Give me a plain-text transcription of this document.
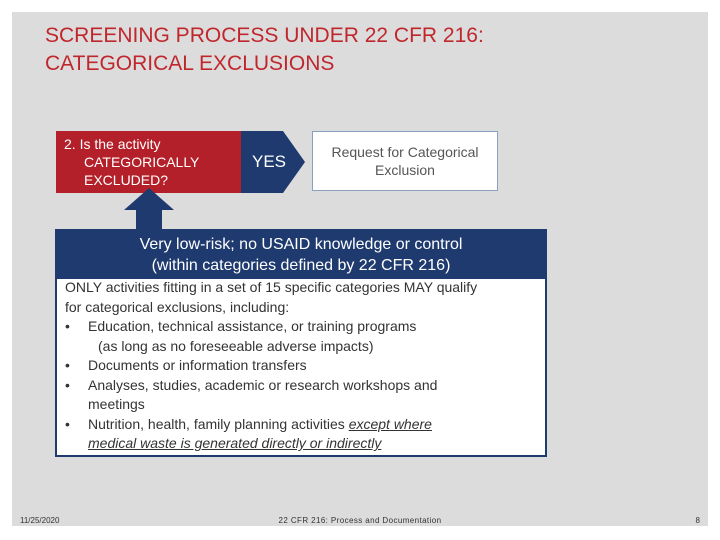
SCREENING PROCESS UNDER 22 CFR 216:
CATEGORICAL EXCLUSIONS
2. Is the activity
CATEGORICALLY
EXCLUDED?
YES	Request for Categorical
Exclusion
ONLY activities fitting in a set of 15 specific categories MAY qualify
for categorical exclusions, including:
• Education, technical assistance, or training programs
(as long as no foreseeable adverse impacts)
• Documents or information transfers
• Analyses, studies, academic or research workshops and
meetings
• Nutrition, health, family planning activities except where
medical waste is generated directly or indirectly
Very low-risk; no USAID knowledge or control
(within categories defined by 22 CFR 216)
11/25/2020	22 CFR 216: Process and Documentation	8
